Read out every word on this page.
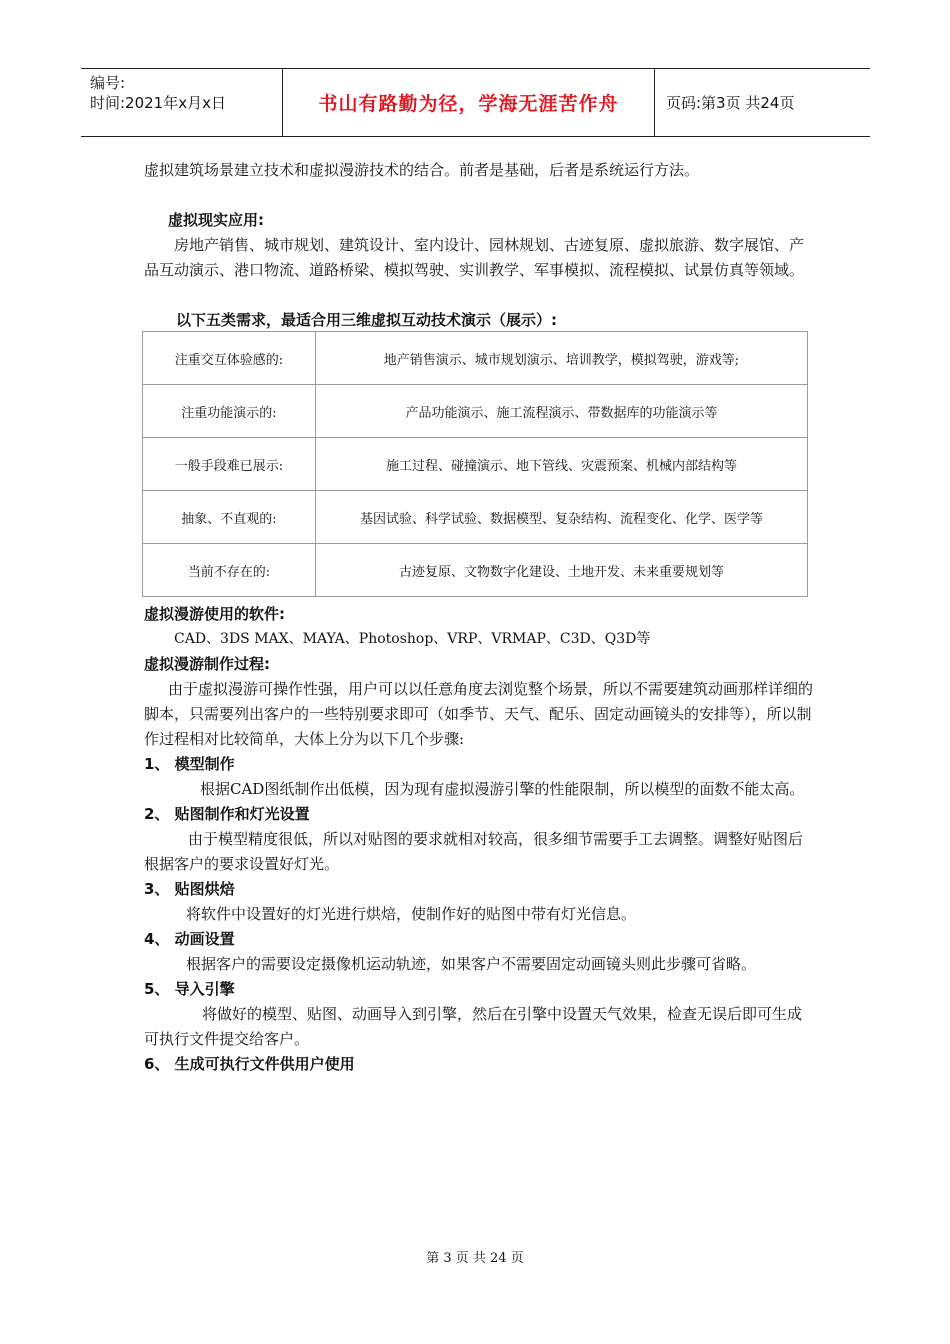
编号:
时间:2021年x月x日	书山有路勤为径，学海无涯苦作舟	页码:第3页 共24页
虚拟建筑场景建立技术和虚拟漫游技术的结合。前者是基础，后者是系统运行方法。
虚拟现实应用:
房地产销售、城市规划、建筑设计、室内设计、园林规划、古迹复原、虚拟旅游、数字展馆、产品互动演示、港口物流、道路桥梁、模拟驾驶、实训教学、军事模拟、流程模拟、试景仿真等领域。
以下五类需求，最适合用三维虚拟互动技术演示（展示）:
注重交互体验感的:	地产销售演示、城市规划演示、培训教学，模拟驾驶，游戏等;
注重功能演示的:	产品功能演示、施工流程演示、带数据库的功能演示等
一般手段难已展示:	施工过程、碰撞演示、地下管线、灾震预案、机械内部结构等
抽象、不直观的:	基因试验、科学试验、数据模型、复杂结构、流程变化、化学、医学等
当前不存在的:	古迹复原、文物数字化建设、土地开发、未来重要规划等
虚拟漫游使用的软件:
CAD、3DS MAX、MAYA、Photoshop、VRP、VRMAP、C3D、Q3D等
虚拟漫游制作过程:
由于虚拟漫游可操作性强，用户可以以任意角度去浏览整个场景，所以不需要建筑动画那样详细的脚本，只需要列出客户的一些特别要求即可（如季节、天气、配乐、固定动画镜头的安排等），所以制作过程相对比较简单，大体上分为以下几个步骤:
1、 模型制作
根据CAD图纸制作出低模，因为现有虚拟漫游引擎的性能限制，所以模型的面数不能太高。
2、 贴图制作和灯光设置
由于模型精度很低，所以对贴图的要求就相对较高，很多细节需要手工去调整。调整好贴图后根据客户的要求设置好灯光。
3、 贴图烘焙
将软件中设置好的灯光进行烘焙，使制作好的贴图中带有灯光信息。
4、 动画设置
根据客户的需要设定摄像机运动轨迹，如果客户不需要固定动画镜头则此步骤可省略。
5、 导入引擎
将做好的模型、贴图、动画导入到引擎，然后在引擎中设置天气效果，检查无误后即可生成可执行文件提交给客户。
6、 生成可执行文件供用户使用
第 3 页 共 24 页
